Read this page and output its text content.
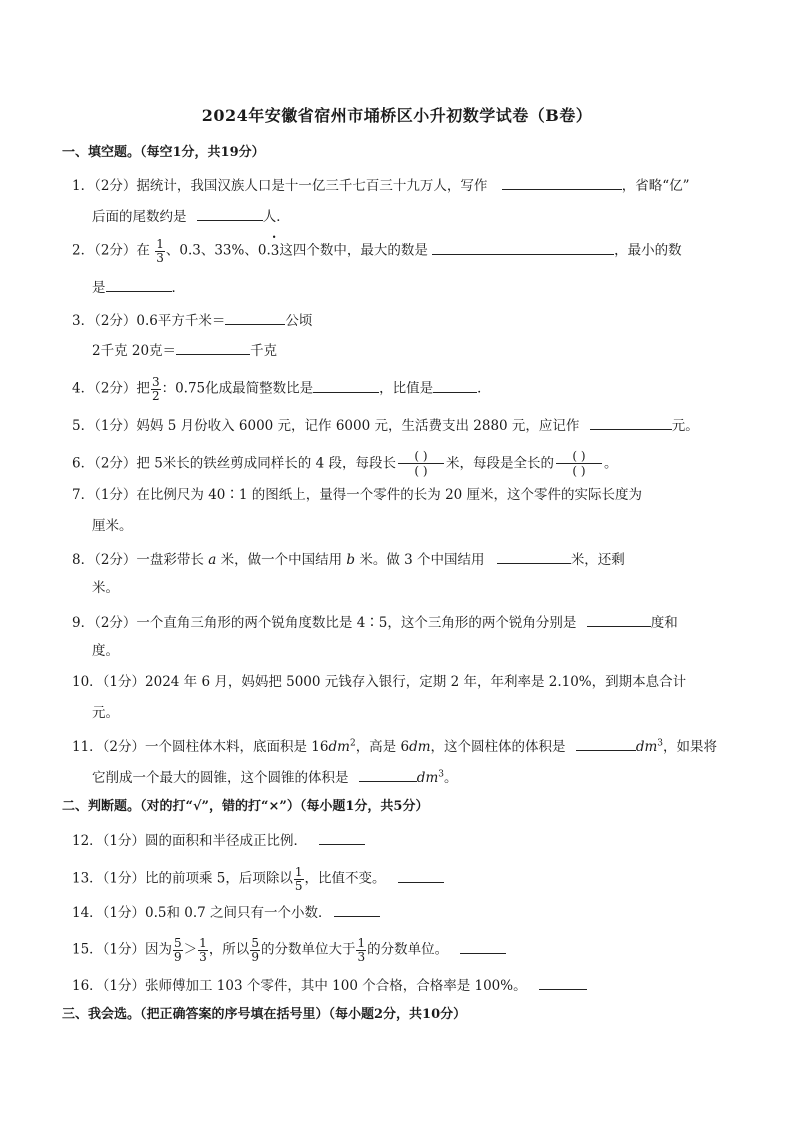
2024年安徽省宿州市埇桥区小升初数学试卷（B卷）
一、填空题。（每空1分，共19分）
1．（2分）据统计，我国汉族人口是十一亿三千七百三十九万人，写作	，省略“亿”
后面的尾数约是	人．
2．（2分）在 $\frac{1}{3}$ 、0.3、33%、0.• 3这四个数中，最大的数是	，最小的数
是	．
3．（2分）0.6平方千米＝	公顷
2千克 20克＝	千克
4．（2分）把 $\frac{3}{2}$ ：0.75化成最简整数比是	，比值是	．
5．（1分）妈妈 5 月份收入 6000 元，记作 6000 元，生活费支出 2880 元，应记作	元。
6．（2分）把 5米长的铁丝剪成同样长的 4 段，每段长 ( )
( ) 米，每段是全长的 ( )
( ) 。
7．（1分）在比例尺为 40∶1 的图纸上，量得一个零件的长为 20 厘米，这个零件的实际长度为
厘米。
8．（2分）一盘彩带长 a 米，做一个中国结用 b 米。做 3 个中国结用	米，还剩
米。
9．（2分）一个直角三角形的两个锐角度数比是 4∶5，这个三角形的两个锐角分别是	度和
度。
10．（1分）2024 年 6 月，妈妈把 5000 元钱存入银行，定期 2 年，年利率是 2.10%，到期本息合计
元。
11．（2分）一个圆柱体木料，底面积是 $16dm^2$，高是 6dm，这个圆柱体的体积是	$dm^3$，如果将
它削成一个最大的圆锥，这个圆锥的体积是	$dm^3$。
二、判断题。（对的打“√”，错的打“×”）（每小题1分，共5分）
12．（1分）圆的面积和半径成正比例．
13．（1分）比的前项乘 5，后项除以 $\frac{1}{5}$ ，比值不变。
14．（1分）0.5和 0.7 之间只有一个小数．
15．（1分）因为 $\frac{5}{9} > \frac{1}{3}$ ，所以 $\frac{5}{9}$ 的分数单位大于 $\frac{1}{3}$ 的分数单位。
16．（1分）张师傅加工 103 个零件，其中 100 个合格，合格率是 100%。
三、我会选。（把正确答案的序号填在括号里）（每小题2分，共10分）
